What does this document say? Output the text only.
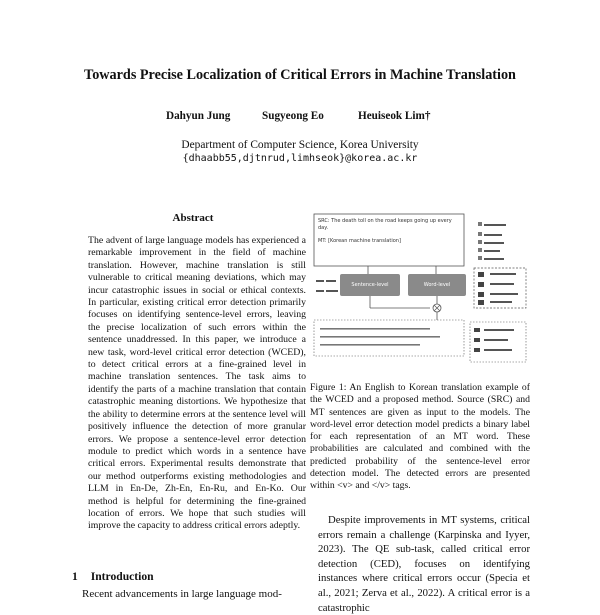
Towards Precise Localization of Critical Errors in Machine Translation
Dahyun Jung	Sugyeong Eo	Heuiseok Lim†
Department of Computer Science, Korea University
{dhaabb55,djtnrud,limhseok}@korea.ac.kr
Abstract
The advent of large language models has experienced a remarkable improvement in the field of machine translation. However, machine translation is still vulnerable to critical meaning deviations, which may incur catastrophic issues in social or ethical contexts. In particular, existing critical error detection primarily focuses on identifying sentence-level errors, leaving the precise localization of such errors within the sentence unaddressed. In this paper, we introduce a new task, word-level critical error detection (WCED), to detect critical errors at a fine-grained level in machine translation sentences. The task aims to identify the parts of a machine translation that contain catastrophic meaning distortions. We hypothesize that the ability to determine errors at the sentence level will positively influence the detection of more granular errors. We propose a sentence-level error detection module to predict which words in a sentence have critical errors. Experimental results demonstrate that our method outperforms existing methodologies and LLM in En-De, Zh-En, En-Ru, and En-Ko. Our method is helpful for determining the fine-grained location of errors. We hope that such studies will improve the capacity to address critical errors adeptly.
1 Introduction
Recent advancements in large language mod-
SRC: The death toll on the road keeps going up every day.
MT: [Korean machine translation]
Sentence-level	Word-level
Figure 1: An English to Korean translation example of the WCED and a proposed method. Source (SRC) and MT sentences are given as input to the models. The word-level error detection model predicts a binary label for each representation of an MT word. These probabilities are calculated and combined with the predicted probability of the sentence-level error detection model. The detected errors are presented within <v> and </v> tags.
Despite improvements in MT systems, critical errors remain a challenge (Karpinska and Iyyer, 2023). The QE sub-task, called critical error detection (CED), focuses on identifying instances where critical errors occur (Specia et al., 2021; Zerva et al., 2022). A critical error is a catastrophic
